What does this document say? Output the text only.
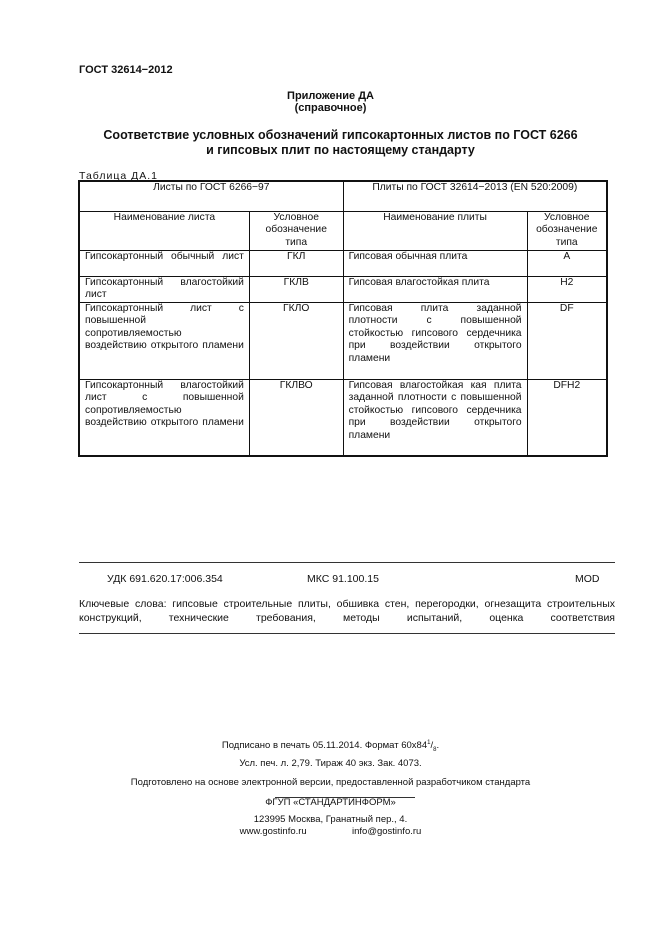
ГОСТ 32614−2012
Приложение ДА
(справочное)
Соответствие условных обозначений гипсокартонных листов по ГОСТ 6266
и гипсовых плит по настоящему стандарту
Таблица ДА.1
Листы по ГОСТ 6266−97		Плиты по ГОСТ 32614−2013 (EN 520:2009)	
Наименование листа	Условное обозначение типа	Наименование плиты	Условное обозначение типа
Гипсокартонный обычный лист	ГКЛ	Гипсовая обычная плита	A
Гипсокартонный влагостойкий лист	ГКЛВ	Гипсовая влагостойкая плита	H2
Гипсокартонный лист с повышенной сопротивляемостью воздействию открытого пламени	ГКЛО	Гипсовая плита заданной плотности с повышенной стойкостью гипсового сердечника при воздействии открытого пламени	DF
Гипсокартонный влагостойкий лист с повышенной сопротивляемостью воздействию открытого пламени	ГКЛВО	Гипсовая влагостойкая кая плита заданной плотности с повышенной стойкостью гипсового сердечника при воздействии открытого пламени	DFH2
УДК 691.620.17:006.354	МКС 91.100.15	MOD
Ключевые слова: гипсовые строительные плиты, обшивка стен, перегородки, огнезащита строительных конструкций, технические требования, методы испытаний, оценка соответствия
Подписано в печать 05.11.2014. Формат $60x84^1/_8$.
Усл. печ. л. 2,79. Тираж 40 экз. Зак. 4073.
Подготовлено на основе электронной версии, предоставленной разработчиком стандарта
ФГУП «СТАНДАРТИНФОРМ»
123995 Москва, Гранатный пер., 4.
www.gostinfo.ru	info@gostinfo.ru
